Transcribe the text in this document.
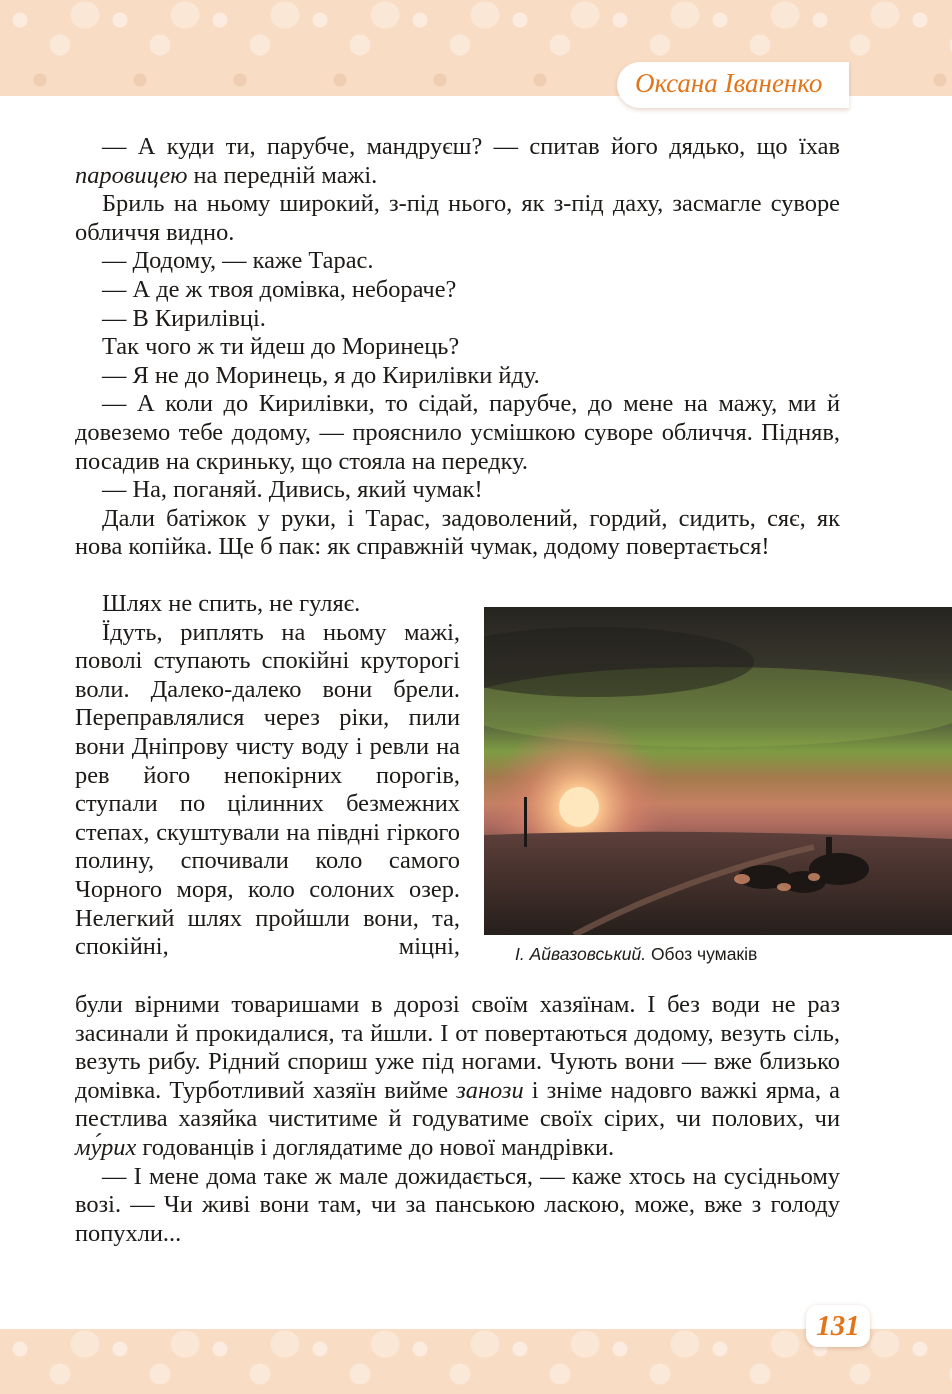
Оксана Іваненко

— А куди ти, парубче, мандруєш? — спитав його дядько, що їхав паровицею на передній мажі.

Бриль на ньому широкий, з-під нього, як з-під даху, засмагле суворе обличчя видно.

— Додому, — каже Тарас.

— А де ж твоя домівка, небораче?

— В Кирилівці.

Так чого ж ти йдеш до Моринець?

— Я не до Моринець, я до Кирилівки йду.

— А коли до Кирилівки, то сідай, парубче, до мене на мажу, ми й довеземо тебе додому, — прояснило усмішкою суворе обличчя. Підняв, посадив на скриньку, що стояла на передку.

— На, поганяй. Дивись, який чумак!

Дали батіжок у руки, і Тарас, задоволений, гордий, сидить, сяє, як нова копійка. Ще б пак: як справжній чумак, додому повертається!

Шлях не спить, не гуляє.

Їдуть, риплять на ньому мажі, поволі ступають спокійні круторогі воли. Далеко-далеко вони брели. Переправлялися через ріки, пили вони Дніпрову чисту воду і ревли на рев його непокірних порогів, ступали по цілинних безмежних степах, скуштували на півдні гіркого полину, спочивали коло самого Чорного моря, коло солоних озер. Нелегкий шлях пройшли вони, та, спокійні, міцні,	І. Айвазовський. Обоз чумаків

були вірними товаришами в дорозі своїм хазяїнам. І без води не раз засинали й прокидалися, та йшли. І от повертаються додому, везуть сіль, везуть рибу. Рідний спориш уже під ногами. Чують вони — вже близько домівка. Турботливий хазяїн вийме занози і зніме надовго важкі ярма, а пестлива хазяйка чиститиме й годуватиме своїх сірих, чи полових, чи му́рих годованців і доглядатиме до нової мандрівки.

— І мене дома таке ж мале дожидається, — каже хтось на сусідньому возі. — Чи живі вони там, чи за панською ласкою, може, вже з голоду попухли...

131
